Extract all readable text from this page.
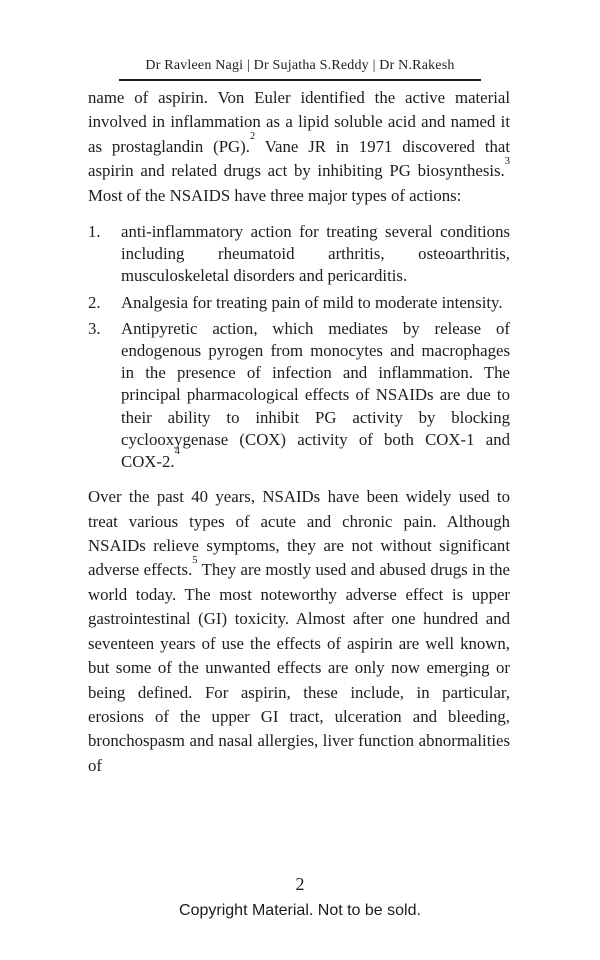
Dr Ravleen Nagi | Dr Sujatha S.Reddy | Dr N.Rakesh

name of aspirin. Von Euler identified the active material involved in inflammation as a lipid soluble acid and named it as prostaglandin (PG).$^2$ Vane JR in 1971 discovered that aspirin and related drugs act by inhibiting PG biosynthesis.$^3$ Most of the NSAIDS have three major types of actions:

1.	anti-inflammatory action for treating several conditions including rheumatoid arthritis, osteoarthritis, musculoskeletal disorders and pericarditis.
2.	Analgesia for treating pain of mild to moderate intensity.
3.	Antipyretic action, which mediates by release of endogenous pyrogen from monocytes and macrophages in the presence of infection and inflammation. The principal pharmacological effects of NSAIDs are due to their ability to inhibit PG activity by blocking cyclooxygenase (COX) activity of both COX-1 and COX-2.$^4$

Over the past 40 years, NSAIDs have been widely used to treat various types of acute and chronic pain. Although NSAIDs relieve symptoms, they are not without significant adverse effects.$^5$ They are mostly used and abused drugs in the world today. The most noteworthy adverse effect is upper gastrointestinal (GI) toxicity. Almost after one hundred and seventeen years of use the effects of aspirin are well known, but some of the unwanted effects are only now emerging or being defined. For aspirin, these include, in particular, erosions of the upper GI tract, ulceration and bleeding, bronchospasm and nasal allergies, liver function abnormalities of

2
Copyright Material. Not to be sold.
